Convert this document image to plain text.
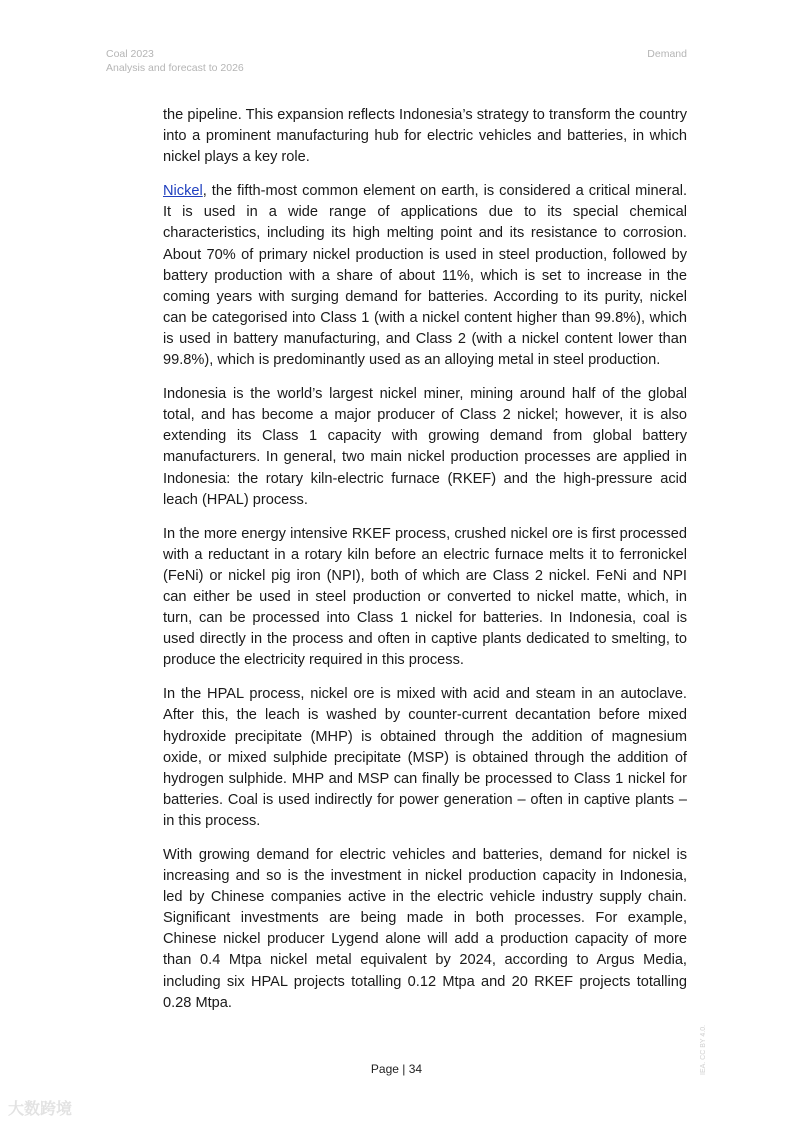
Coal 2023
Analysis and forecast to 2026
Demand

the pipeline. This expansion reflects Indonesia’s strategy to transform the country into a prominent manufacturing hub for electric vehicles and batteries, in which nickel plays a key role.

Nickel, the fifth-most common element on earth, is considered a critical mineral. It is used in a wide range of applications due to its special chemical characteristics, including its high melting point and its resistance to corrosion. About 70% of primary nickel production is used in steel production, followed by battery production with a share of about 11%, which is set to increase in the coming years with surging demand for batteries. According to its purity, nickel can be categorised into Class 1 (with a nickel content higher than 99.8%), which is used in battery manufacturing, and Class 2 (with a nickel content lower than 99.8%), which is predominantly used as an alloying metal in steel production.

Indonesia is the world’s largest nickel miner, mining around half of the global total, and has become a major producer of Class 2 nickel; however, it is also extending its Class 1 capacity with growing demand from global battery manufacturers. In general, two main nickel production processes are applied in Indonesia: the rotary kiln-electric furnace (RKEF) and the high-pressure acid leach (HPAL) process.

In the more energy intensive RKEF process, crushed nickel ore is first processed with a reductant in a rotary kiln before an electric furnace melts it to ferronickel (FeNi) or nickel pig iron (NPI), both of which are Class 2 nickel. FeNi and NPI can either be used in steel production or converted to nickel matte, which, in turn, can be processed into Class 1 nickel for batteries. In Indonesia, coal is used directly in the process and often in captive plants dedicated to smelting, to produce the electricity required in this process.

In the HPAL process, nickel ore is mixed with acid and steam in an autoclave. After this, the leach is washed by counter-current decantation before mixed hydroxide precipitate (MHP) is obtained through the addition of magnesium oxide, or mixed sulphide precipitate (MSP) is obtained through the addition of hydrogen sulphide. MHP and MSP can finally be processed to Class 1 nickel for batteries. Coal is used indirectly for power generation – often in captive plants – in this process.

With growing demand for electric vehicles and batteries, demand for nickel is increasing and so is the investment in nickel production capacity in Indonesia, led by Chinese companies active in the electric vehicle industry supply chain. Significant investments are being made in both processes. For example, Chinese nickel producer Lygend alone will add a production capacity of more than 0.4 Mtpa nickel metal equivalent by 2024, according to Argus Media, including six HPAL projects totalling 0.12 Mtpa and 20 RKEF projects totalling 0.28 Mtpa.

Page | 34	IEA. CC BY 4.0.
大数跨境
